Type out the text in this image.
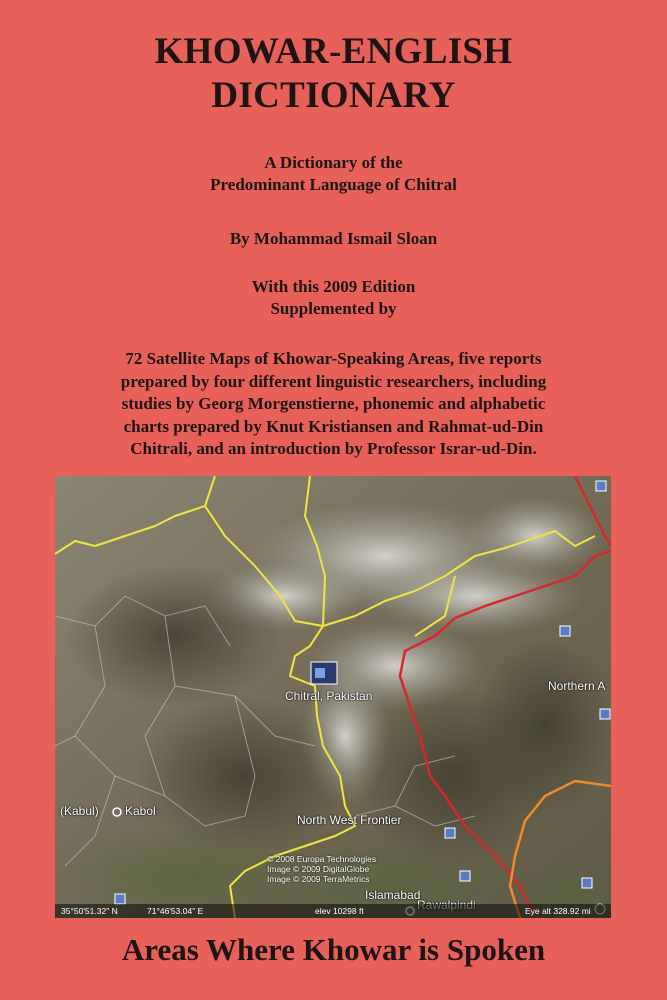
KHOWAR-ENGLISH
DICTIONARY
A Dictionary of the
Predominant Language of Chitral
By Mohammad Ismail Sloan
With this 2009 Edition
Supplemented by
72 Satellite Maps of Khowar-Speaking Areas, five reports
prepared by four different linguistic researchers, including
studies by Georg Morgenstierne, phonemic and alphabetic
charts prepared by Knut Kristiansen and Rahmat-ud-Din
Chitrali, and an introduction by Professor Israr-ud-Din.
Chitral, Pakistan
(Kabul) Kabol
North West Frontier
Northern A
Islamabad
© 2008 Europa Technologies
Image © 2009 DigitalGlobe
Image © 2009 TerraMetrics
35°50'51.32" N	71°46'53.04" E	elev 10298 ft	Eye alt 328.92 mi
Areas Where Khowar is Spoken
